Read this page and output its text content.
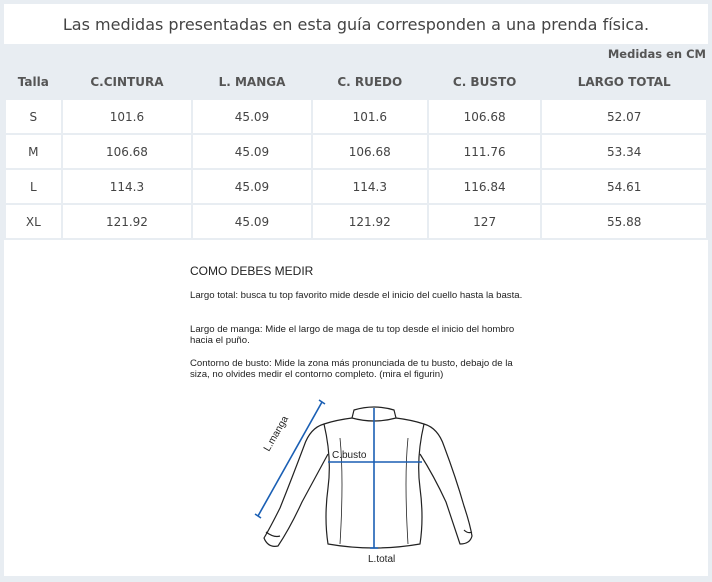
Las medidas presentadas en esta guía corresponden a una prenda física.
Medidas en CM
Talla	C.CINTURA	L. MANGA	C. RUEDO	C. BUSTO	LARGO TOTAL
S	101.6	45.09	101.6	106.68	52.07
M	106.68	45.09	106.68	111.76	53.34
L	114.3	45.09	114.3	116.84	54.61
XL	121.92	45.09	121.92	127	55.88
COMO DEBES MEDIR
Largo total: busca tu top favorito mide desde el inicio del cuello hasta la basta.
Largo de manga: Mide el largo de maga de tu top desde el inicio del hombro hacia el puño.
Contorno de busto: Mide la zona más pronunciada de tu busto, debajo de la siza, no olvides medir el contorno completo. (mira el figurin)
L.manga
C.busto
L.total
